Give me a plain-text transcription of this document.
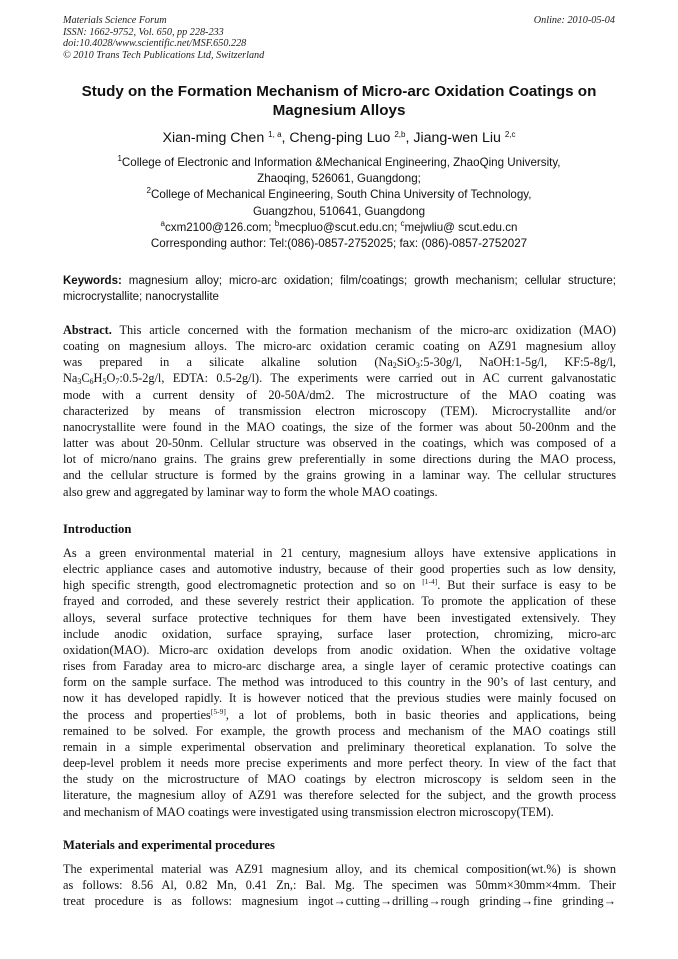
Materials Science Forum
ISSN: 1662-9752, Vol. 650, pp 228-233
doi:10.4028/www.scientific.net/MSF.650.228
© 2010 Trans Tech Publications Ltd, Switzerland
Online: 2010-05-04
Study on the Formation Mechanism of Micro-arc Oxidation Coatings on
Magnesium Alloys
Xian-ming Chen $^{1, a}$, Cheng-ping Luo $^{2,b}$, Jiang-wen Liu $^{2,c}$
$^1$College of Electronic and Information &Mechanical Engineering, ZhaoQing University,
Zhaoqing, 526061, Guangdong;
$^2$College of Mechanical Engineering, South China University of Technology,
Guangzhou, 510641, Guangdong
$^a$cxm2100@126.com; $^b$mecpluo@scut.edu.cn; $^c$mejwliu@ scut.edu.cn
Corresponding author: Tel:(086)-0857-2752025; fax: (086)-0857-2752027
Keywords: magnesium alloy; micro-arc oxidation; film/coatings; growth mechanism; cellular structure; microcrystallite; nanocrystallite
Abstract. This article concerned with the formation mechanism of the micro-arc oxidization (MAO)
coating on magnesium alloys. The micro-arc oxidation ceramic coating on AZ91 magnesium alloy
was prepared in a silicate alkaline solution ($Na_2SiO_3:5-30g/l$, NaOH:1-5g/l, KF:5-8g/l,
$Na_3C_6H_5O_7:0.5-2g/l$, EDTA: 0.5-2g/l). The experiments were carried out in AC current galvanostatic
mode with a current density of 20-50A/dm2. The microstructure of the MAO coating was
characterized by means of transmission electron microscopy (TEM). Microcrystallite and/or
nanocrystallite were found in the MAO coatings, the size of the former was about 50-200nm and the
latter was about 20-50nm. Cellular structure was observed in the coatings, which was composed of a
lot of micro/nano grains. The grains grew preferentially in some directions during the MAO process,
and the cellular structure is formed by the grains growing in a laminar way. The cellular structures
also grew and aggregated by laminar way to form the whole MAO coatings.
Introduction
As a green environmental material in 21 century, magnesium alloys have extensive applications in
electric appliance cases and automotive industry, because of their good properties such as low density,
high specific strength, good electromagnetic protection and so on [1-4]. But their surface is easy to be
frayed and corroded, and these severely restrict their application. To promote the application of these
alloys, several surface protective techniques for them have been investigated extensively. They
include anodic oxidation, surface spraying, surface laser protection, chromizing, micro-arc
oxidation(MAO). Micro-arc oxidation develops from anodic oxidation. When the oxidative voltage
rises from Faraday area to micro-arc discharge area, a single layer of ceramic protective coatings can
form on the sample surface. The method was introduced to this country in the 90’s of last century, and
now it has developed rapidly. It is however noticed that the previous studies were mainly focused on
the process and properties[5-9], a lot of problems, both in basic theories and applications, being
remained to be solved. For example, the growth process and mechanism of the MAO coatings still
remain in a simple experimental observation and preliminary theoretical explanation. To solve the
deep-level problem it needs more precise experiments and more perfect theory. In view of the fact that
the study on the microstructure of MAO coatings by electron microscopy is seldom seen in the
literature, the magnesium alloy of AZ91 was therefore selected for the subject, and the growth process
and mechanism of MAO coatings were investigated using transmission electron microscopy(TEM).
Materials and experimental procedures
The experimental material was AZ91 magnesium alloy, and its chemical composition(wt.%) is shown
as follows: 8.56 Al, 0.82 Mn, 0.41 Zn,: Bal. Mg. The specimen was 50mm×30mm×4mm. Their
treat procedure is as follows: magnesium ingot→cutting→drilling→rough grinding→fine grinding→
